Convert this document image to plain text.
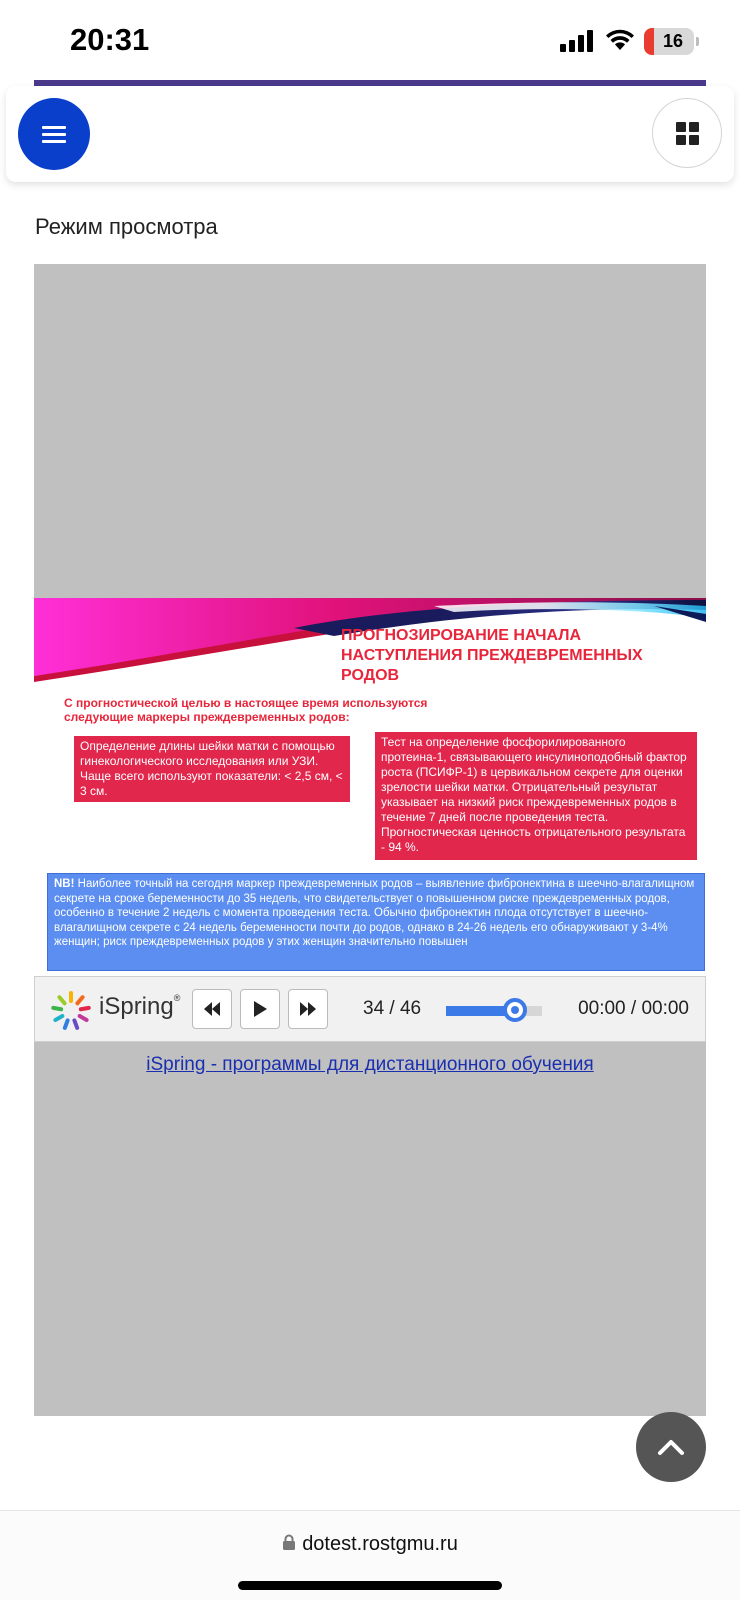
20:31	16
Режим просмотра
ПРОГНОЗИРОВАНИЕ НАЧАЛА НАСТУПЛЕНИЯ ПРЕЖДЕВРЕМЕННЫХ РОДОВ
С прогностической целью в настоящее время используются следующие маркеры преждевременных родов:
Определение длины шейки матки с помощью гинекологического исследования или УЗИ. Чаще всего используют показатели: < 2,5 см, < 3 см.
Тест на определение фосфорилированного протеина-1, связывающего инсулиноподобный фактор роста (ПСИФР-1) в цервикальном секрете для оценки зрелости шейки матки. Отрицательный результат указывает на низкий риск преждевременных родов в течение 7 дней после проведения теста. Прогностическая ценность отрицательного результата - 94 %.
NB! Наиболее точный на сегодня маркер преждевременных родов – выявление фибронектина в шеечно-влагалищном секрете на сроке беременности до 35 недель, что свидетельствует о повышенном риске преждевременных родов, особенно в течение 2 недель с момента проведения теста. Обычно фибронектин плода отсутствует в шеечно-влагалищном секрете с 24 недель беременности почти до родов, однако в 24-26 недель его обнаруживают у 3-4% женщин; риск преждевременных родов у этих женщин значительно повышен
iSpring®	34 / 46	00:00 / 00:00
iSpring - программы для дистанционного обучения
dotest.rostgmu.ru
